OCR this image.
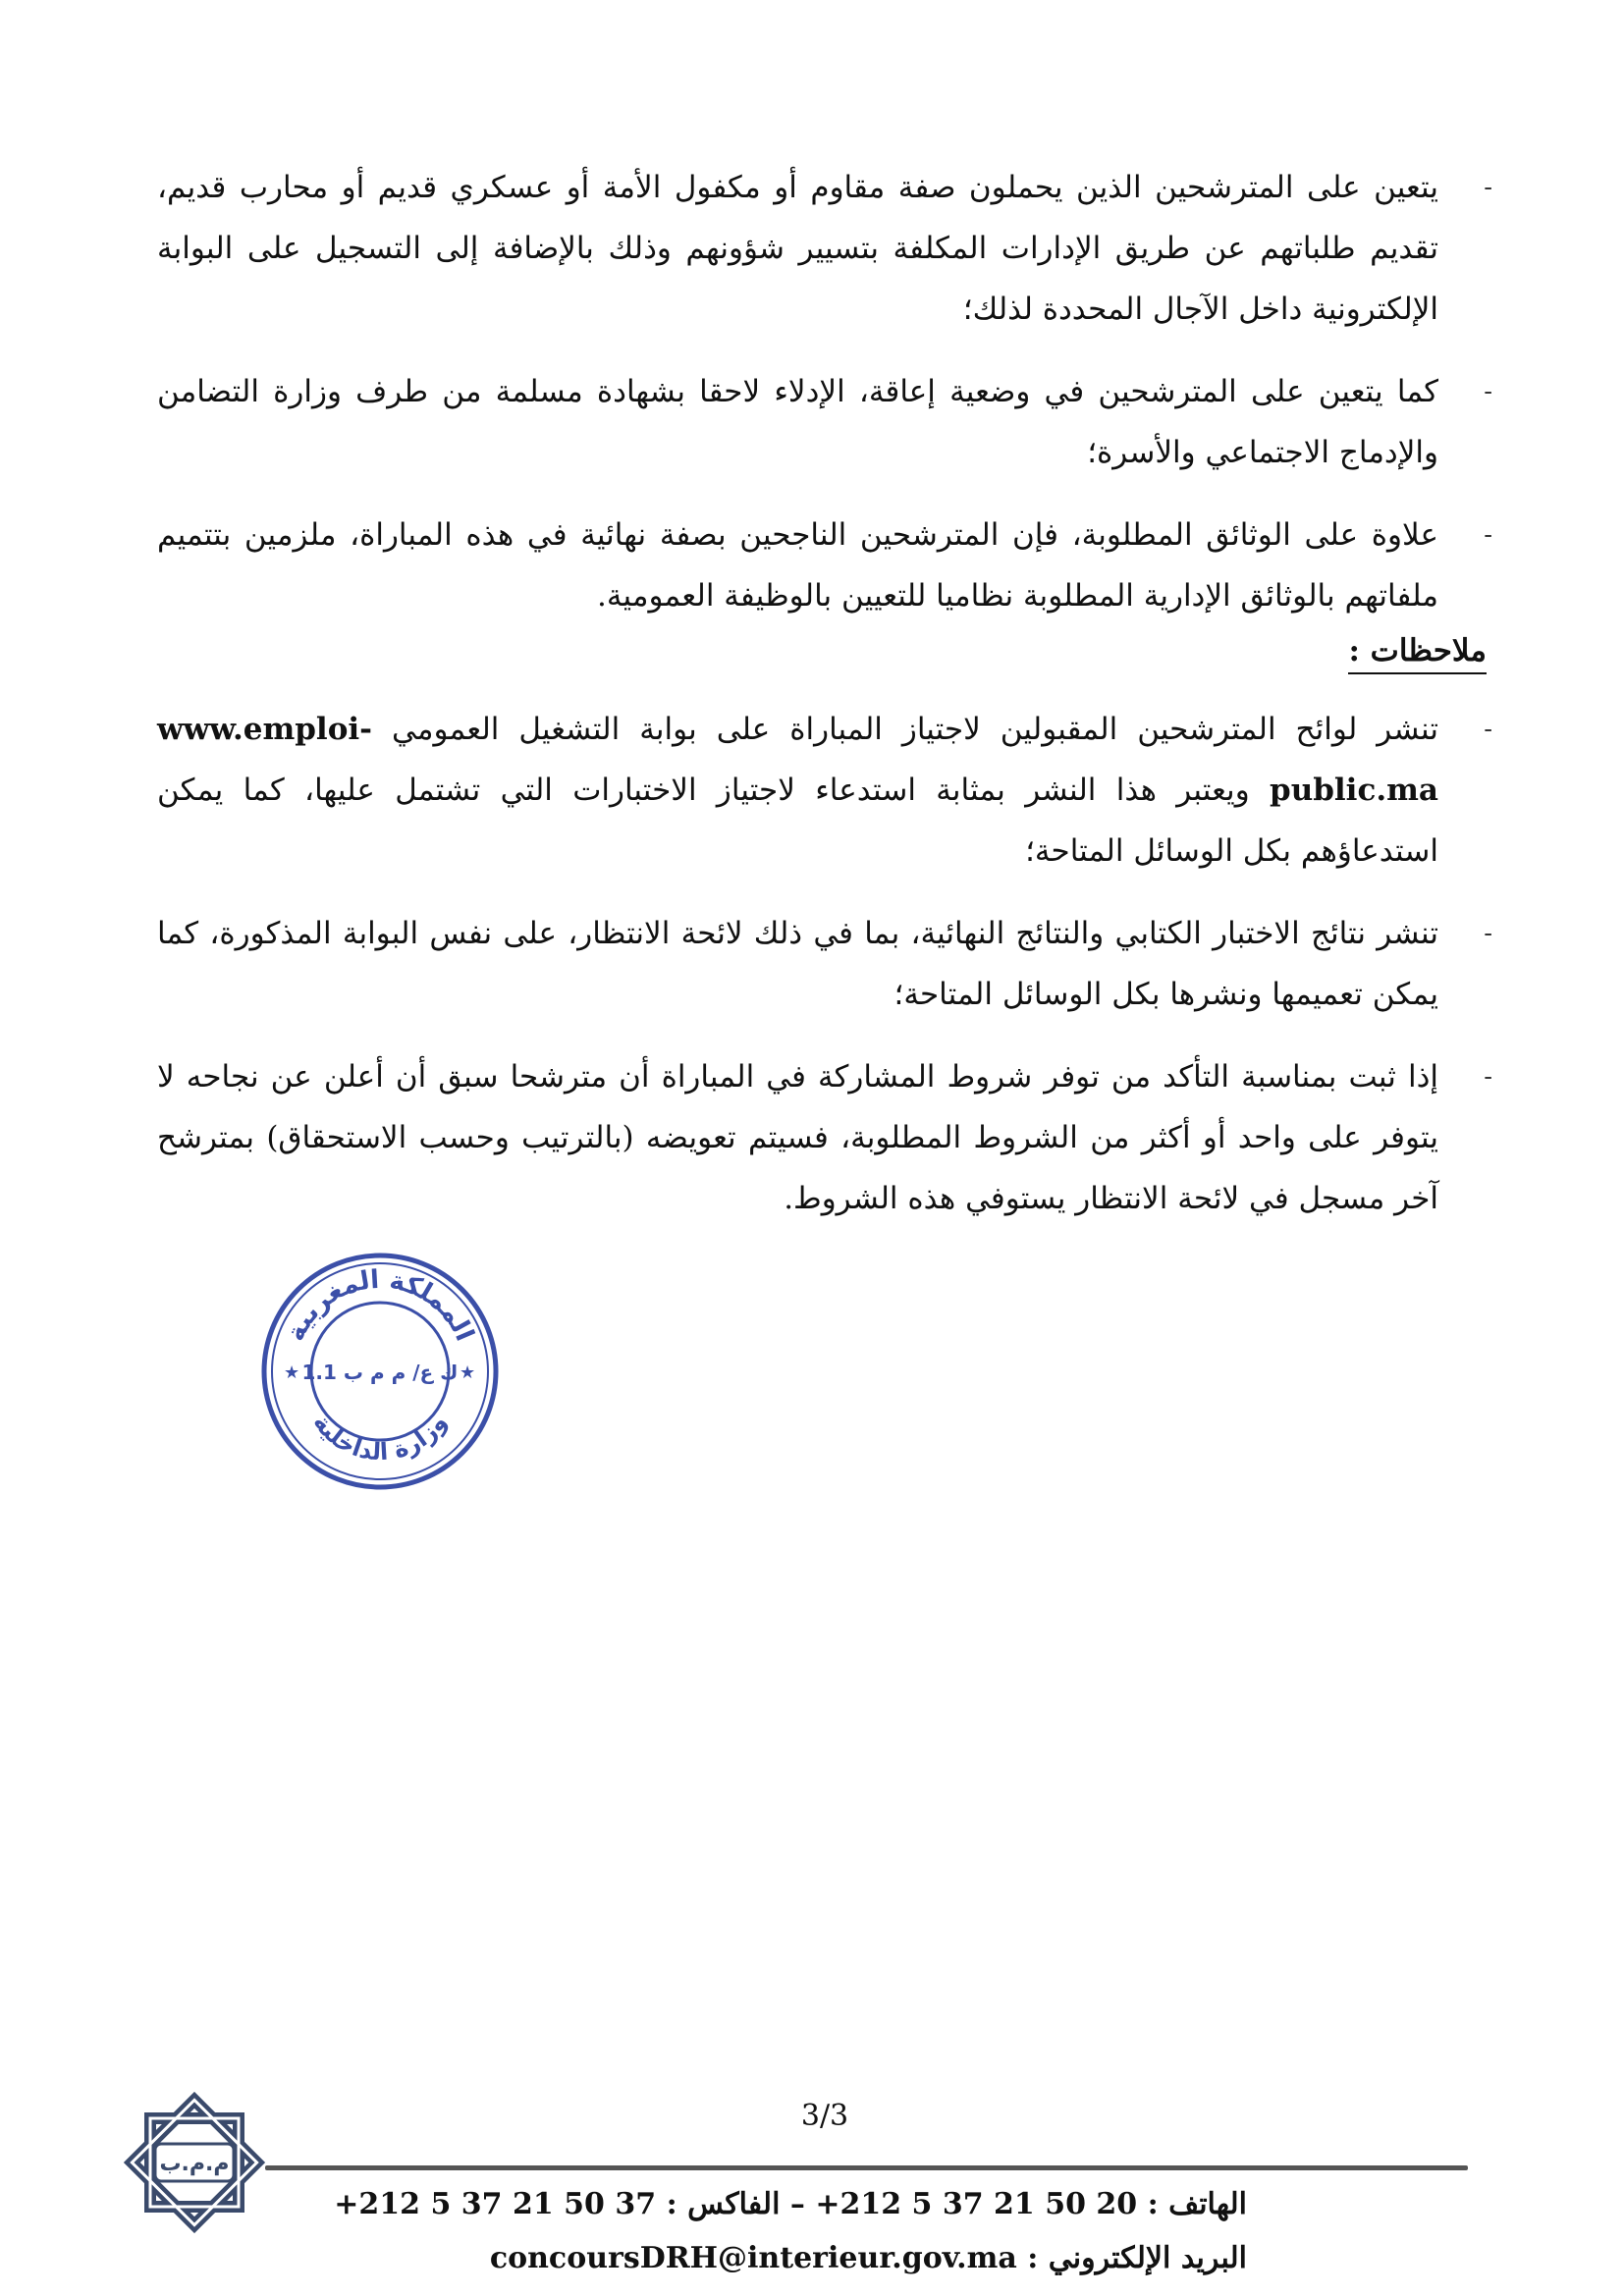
-
يتعين على المترشحين الذين يحملون صفة مقاوم أو مكفول الأمة أو عسكري قديم أو محارب قديم، تقديم طلباتهم عن طريق الإدارات المكلفة بتسيير شؤونهم وذلك بالإضافة إلى التسجيل على البوابة الإلكترونية داخل الآجال المحددة لذلك؛
-
كما يتعين على المترشحين في وضعية إعاقة، الإدلاء لاحقا بشهادة مسلمة من طرف وزارة التضامن والإدماج الاجتماعي والأسرة؛
-
علاوة على الوثائق المطلوبة، فإن المترشحين الناجحين بصفة نهائية في هذه المباراة، ملزمين بتتميم ملفاتهم بالوثائق الإدارية المطلوبة نظاميا للتعيين بالوظيفة العمومية.
ملاحظات :
-
تنشر لوائح المترشحين المقبولين لاجتياز المباراة على بوابة التشغيل العمومي www.emploi-public.ma ويعتبر هذا النشر بمثابة استدعاء لاجتياز الاختبارات التي تشتمل عليها، كما يمكن استدعاؤهم بكل الوسائل المتاحة؛
-
تنشر نتائج الاختبار الكتابي والنتائج النهائية، بما في ذلك لائحة الانتظار، على نفس البوابة المذكورة، كما يمكن تعميمها ونشرها بكل الوسائل المتاحة؛
-
إذا ثبت بمناسبة التأكد من توفر شروط المشاركة في المباراة أن مترشحا سبق أن أعلن عن نجاحه لا يتوفر على واحد أو أكثر من الشروط المطلوبة، فسيتم تعويضه (بالترتيب وحسب الاستحقاق) بمترشح آخر مسجل في لائحة الانتظار يستوفي هذه الشروط.
المملكة المغربية
وزارة الداخلية
ك ع/ م م ب 1.1
★	★
3/3
م.م.ب
الهاتف : +212 5 37 21 50 20 – الفاكس : +212 5 37 21 50 37
البريد الإلكتروني : concoursDRH@interieur.gov.ma
